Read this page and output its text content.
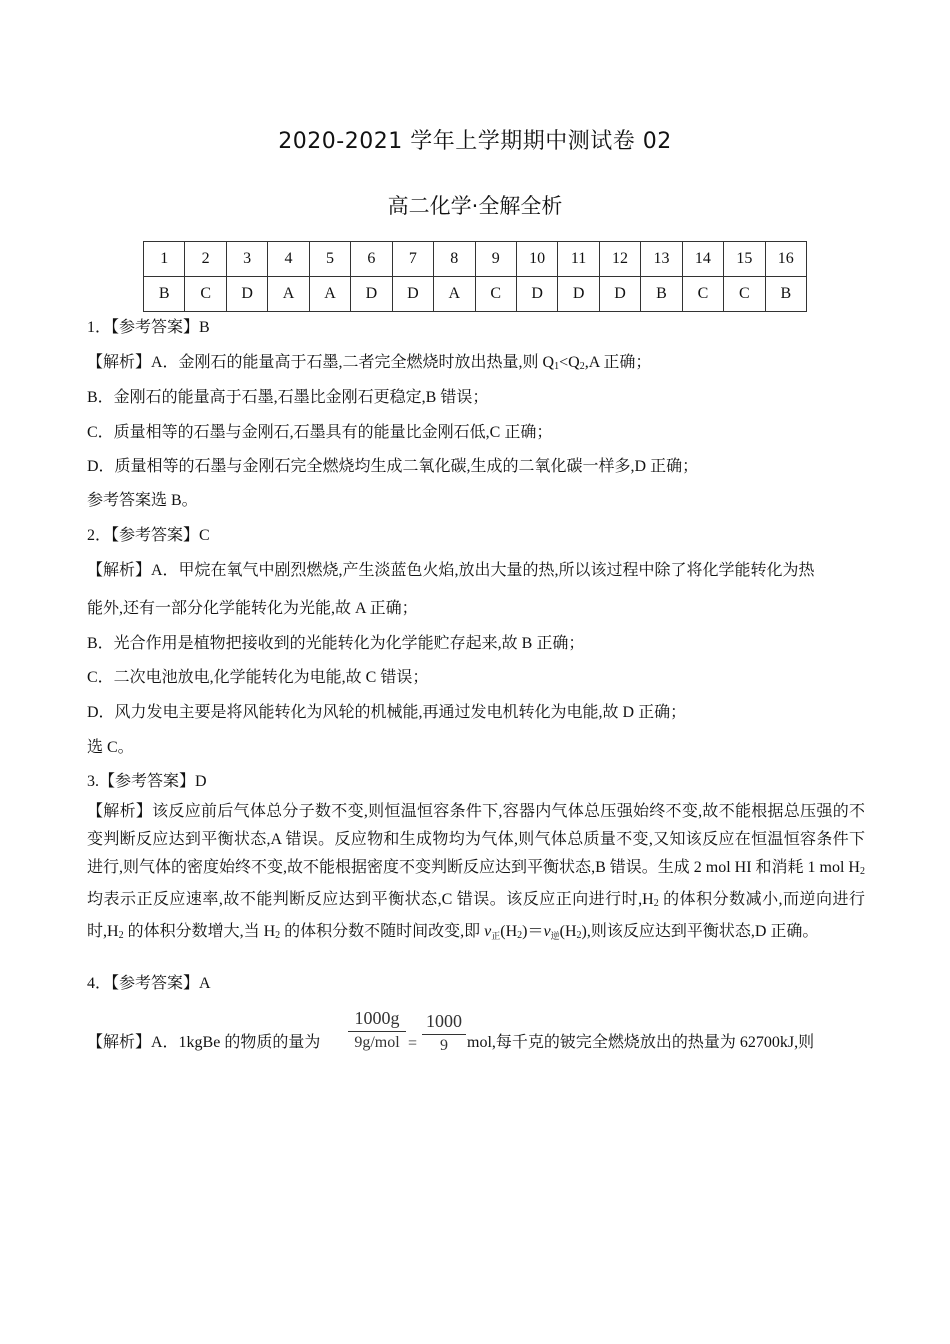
2020-2021 学年上学期期中测试卷 02
高二化学·全解全析
1	2	3	4	5	6	7	8	9	10	11	12	13	14	15	16
B	C	D	A	A	D	D	A	C	D	D	D	B	C	C	B
1．【参考答案】B
【解析】A．金刚石的能量高于石墨,二者完全燃烧时放出热量,则 $Q_1<Q_2,A$ 正确；
B．金刚石的能量高于石墨,石墨比金刚石更稳定,B 错误；
C．质量相等的石墨与金刚石,石墨具有的能量比金刚石低,C 正确；
D．质量相等的石墨与金刚石完全燃烧均生成二氧化碳,生成的二氧化碳一样多,D 正确；
参考答案选 B。
2．【参考答案】C
【解析】A．甲烷在氧气中剧烈燃烧,产生淡蓝色火焰,放出大量的热,所以该过程中除了将化学能转化为热
能外,还有一部分化学能转化为光能,故 A 正确；
B．光合作用是植物把接收到的光能转化为化学能贮存起来,故 B 正确；
C．二次电池放电,化学能转化为电能,故 C 错误；
D．风力发电主要是将风能转化为风轮的机械能,再通过发电机转化为电能,故 D 正确；
选 C。
3.【参考答案】D
【解析】该反应前后气体总分子数不变,则恒温恒容条件下,容器内气体总压强始终不变,故不能根据总压强的不变判断反应达到平衡状态,A 错误。反应物和生成物均为气体,则气体总质量不变,又知该反应在恒温恒容条件下进行,则气体的密度始终不变,故不能根据密度不变判断反应达到平衡状态,B 错误。生成 2 mol HI 和消耗 1 mol $H_2$ 均表示正反应速率,故不能判断反应达到平衡状态,C 错误。该反应正向进行时$,H_2$ 的体积分数减小,而逆向进行时$,H_2$ 的体积分数增大,当 $H_2$ 的体积分数不随时间改变,即 v正$(H_2)=v$逆$(H_2)$,则该反应达到平衡状态,D 正确。
4．【参考答案】A
【解析】A．1kgBe 的物质的量为
1000g
9g/mol =
1000
9	mol,每千克的铍完全燃烧放出的热量为 62700kJ,则
